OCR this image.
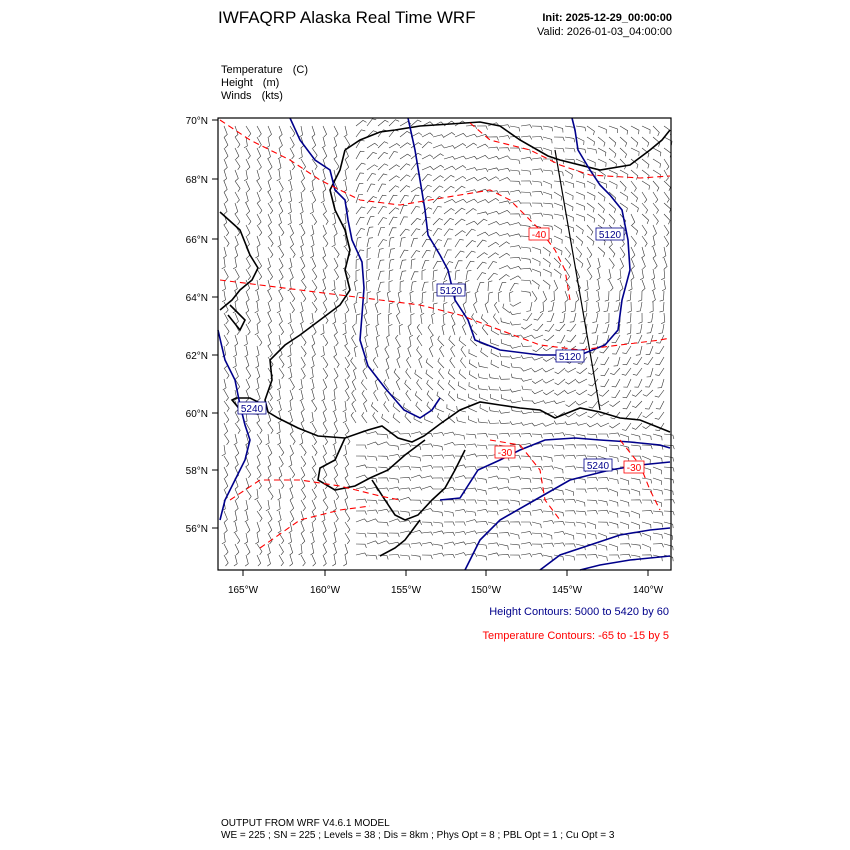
IWFAQRP Alaska Real Time WRF	Init: 2025-12-29_00:00:00
Valid: 2026-01-03_04:00:00
Temperature (C)
Height (m)
Winds (kts)
70°N
68°N
66°N
64°N
62°N
60°N
58°N
56°N
165°W	160°W	155°W	150°W	145°W	140°W
5120
5120
5120
5240
5240
-40
-30
-30
Height Contours: 5000 to 5420 by 60
Temperature Contours: -65 to -15 by 5
OUTPUT FROM WRF V4.6.1 MODEL
WE = 225 ; SN = 225 ; Levels = 38 ; Dis = 8km ; Phys Opt = 8 ; PBL Opt = 1 ; Cu Opt = 3
